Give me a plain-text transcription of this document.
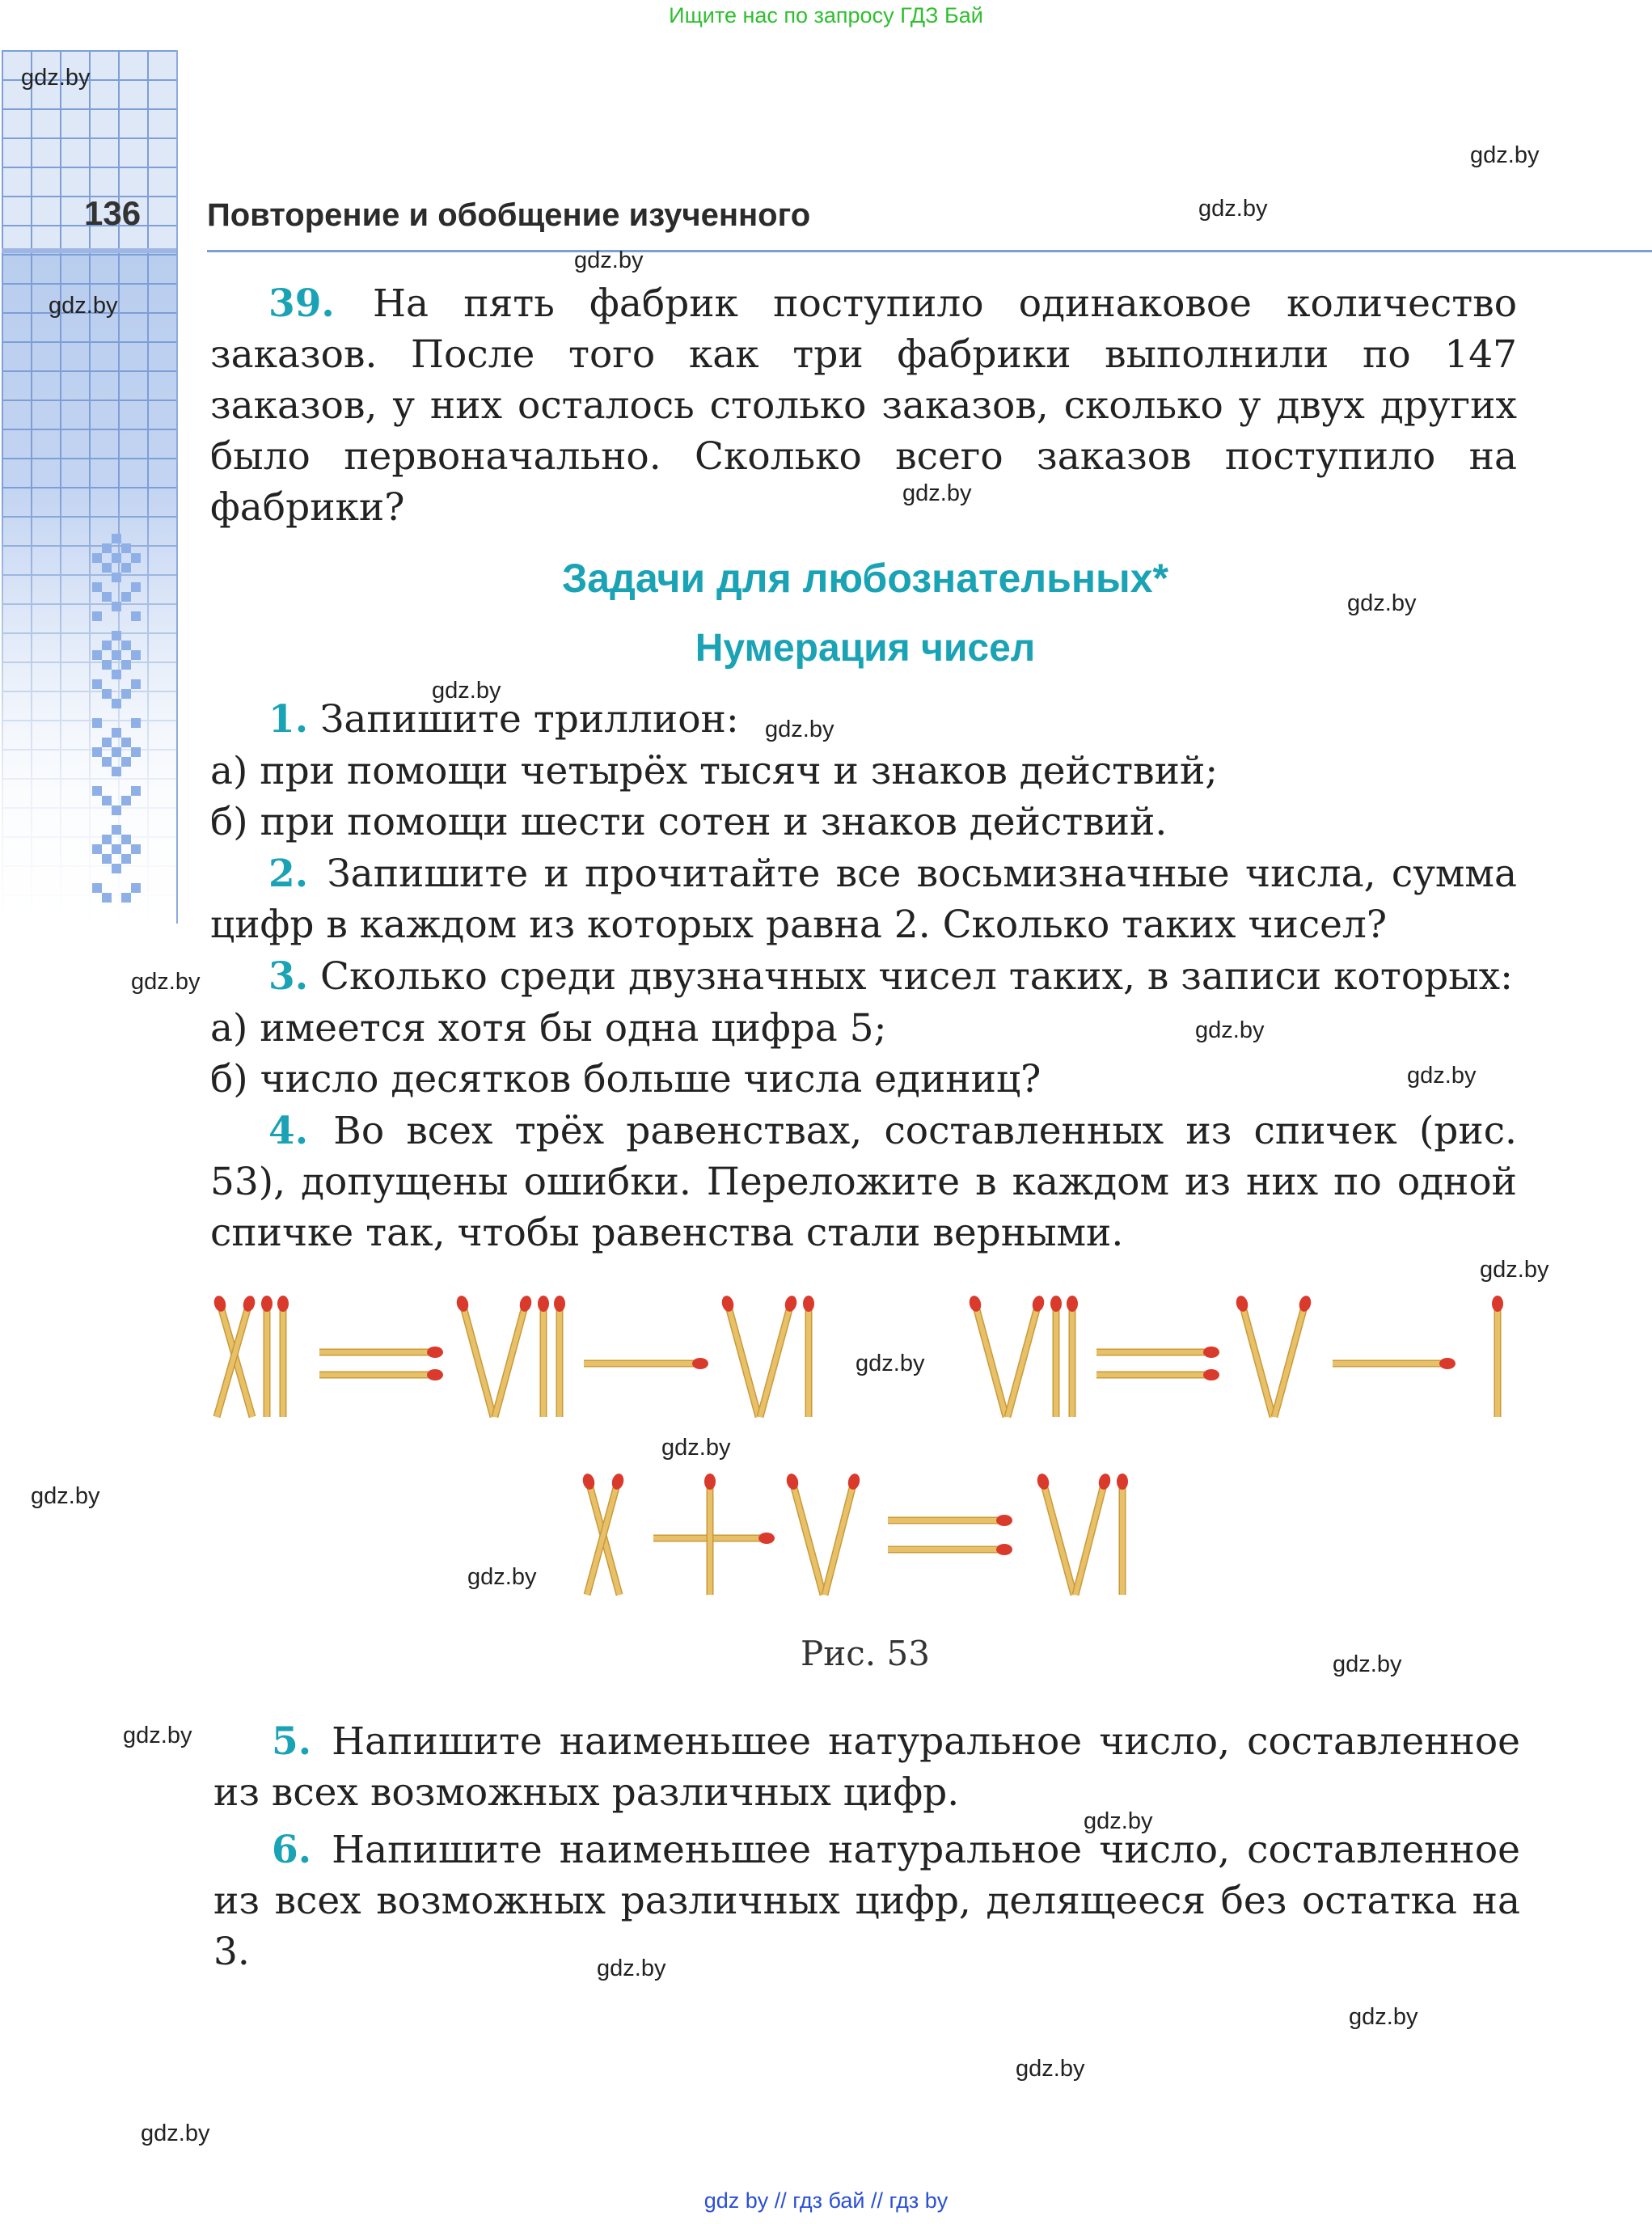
Ищите нас по запросу ГДЗ Бай
136 Повторение и обобщение изученного
39. На пять фабрик поступило одинаковое количество заказов. После того как три фабрики выполнили по 147 заказов, у них осталось столько заказов, сколько у двух других было первоначально. Сколько всего заказов поступило на фабрики?
Задачи для любознательных*
Нумерация чисел
1. Запишите триллион:
а) при помощи четырёх тысяч и знаков действий;
б) при помощи шести сотен и знаков действий.
2. Запишите и прочитайте все восьмизначные числа, сумма цифр в каждом из которых равна 2. Сколько таких чисел?
3. Сколько среди двузначных чисел таких, в записи которых:
а) имеется хотя бы одна цифра 5;
б) число десятков больше числа единиц?
4. Во всех трёх равенствах, составленных из спичек (рис. 53), допущены ошибки. Переложите в каждом из них по одной спичке так, чтобы равенства стали верными.
Рис. 53
5. Напишите наименьшее натуральное число, составленное из всех возможных различных цифр.
6. Напишите наименьшее натуральное число, составленное из всех возможных различных цифр, делящееся без остатка на 3.
gdz.by
gdz.by
gdz.by
gdz.by
gdz.by
gdz.by
gdz.by
gdz.by
gdz.by
gdz.by
gdz.by
gdz.by
gdz.by
gdz.by
gdz.by
gdz.by
gdz.by
gdz.by
gdz.by
gdz.by
gdz.by
gdz.by
gdz.by
gdz.by
gdz by // гдз бай // гдз by
